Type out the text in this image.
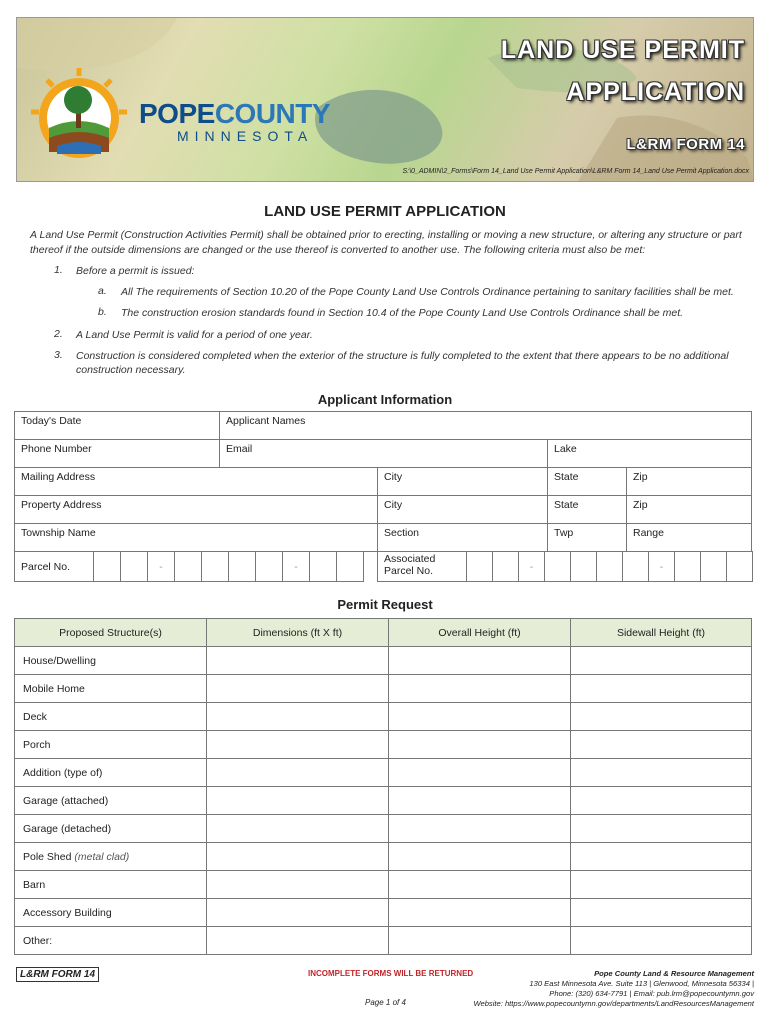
POPECOUNTY
MINNESOTA
LAND USE PERMIT
APPLICATION
L&RM FORM 14
S:\0_ADMIN\2_Forms\Form 14_Land Use Permit Application\L&RM Form 14_Land Use Permit Application.docx
LAND USE PERMIT APPLICATION

A Land Use Permit (Construction Activities Permit) shall be obtained prior to erecting, installing or moving a new structure, or altering any structure or part thereof if the outside dimensions are changed or the use thereof is converted to another use. The following criteria must also be met:

1. Before a permit is issued:
a. All The requirements of Section 10.20 of the Pope County Land Use Controls Ordinance pertaining to sanitary facilities shall be met.
b. The construction erosion standards found in Section 10.4 of the Pope County Land Use Controls Ordinance shall be met.
2. A Land Use Permit is valid for a period of one year.
3. Construction is considered completed when the exterior of the structure is fully completed to the extent that there appears to be no additional construction necessary.
Applicant Information
Today's Date	Applicant Names
Phone Number	Email	Lake
Mailing Address	City	State	Zip
Property Address	City	State	Zip
Township Name	Section	Twp	Range
Parcel No.	-	-
Associated
Parcel No.	-	-
Permit Request
Proposed Structure(s)	Dimensions (ft X ft)	Overall Height (ft)	Sidewall Height (ft)
House/Dwelling			
Mobile Home			
Deck			
Porch			
Addition (type of)			
Garage (attached)			
Garage (detached)			
Pole Shed (metal clad)			
Barn			
Accessory Building			
Other:			
L&RM FORM 14	INCOMPLETE FORMS WILL BE RETURNED
Page 1 of 4
Pope County Land & Resource Management
130 East Minnesota Ave. Suite 113 | Glenwood, Minnesota 56334 |
Phone: (320) 634-7791 | Email: pub.lrm@popecountymn.gov
Website: https://www.popecountymn.gov/departments/LandResourcesManagement
